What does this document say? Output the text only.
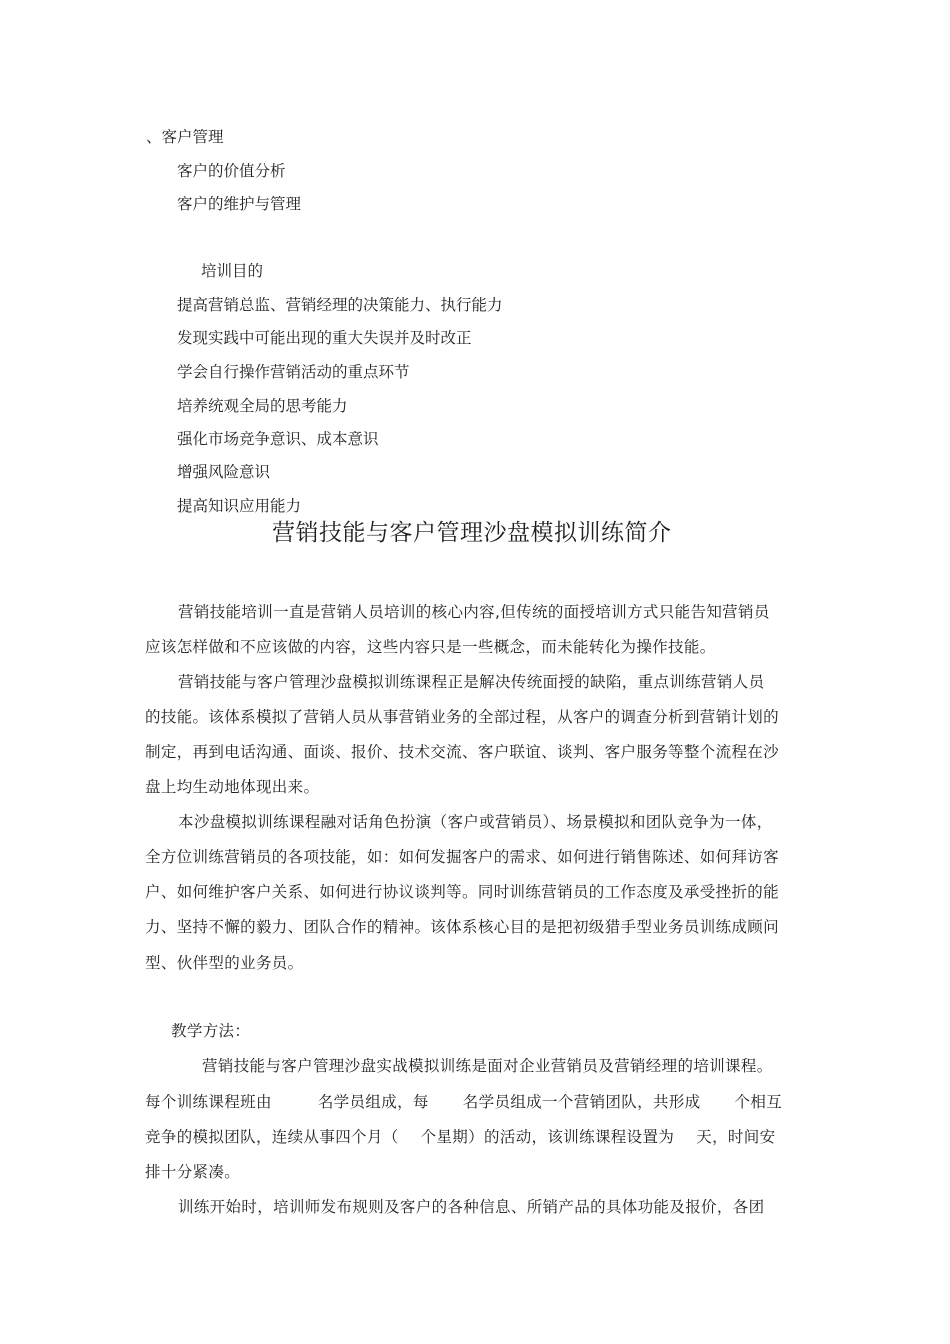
、客户管理
客户的价值分析
客户的维护与管理
培训目的
提高营销总监、营销经理的决策能力、执行能力
发现实践中可能出现的重大失误并及时改正
学会自行操作营销活动的重点环节
培养统观全局的思考能力
强化市场竞争意识、成本意识
增强风险意识
提高知识应用能力
营销技能与客户管理沙盘模拟训练简介
营销技能培训一直是营销人员培训的核心内容,但传统的面授培训方式只能告知营销员
应该怎样做和不应该做的内容，这些内容只是一些概念，而未能转化为操作技能。
营销技能与客户管理沙盘模拟训练课程正是解决传统面授的缺陷，重点训练营销人员
的技能。该体系模拟了营销人员从事营销业务的全部过程，从客户的调查分析到营销计划的
制定，再到电话沟通、面谈、报价、技术交流、客户联谊、谈判、客户服务等整个流程在沙
盘上均生动地体现出来。
本沙盘模拟训练课程融对话角色扮演（客户或营销员）、场景模拟和团队竞争为一体，
全方位训练营销员的各项技能，如：如何发掘客户的需求、如何进行销售陈述、如何拜访客
户、如何维护客户关系、如何进行协议谈判等。同时训练营销员的工作态度及承受挫折的能
力、坚持不懈的毅力、团队合作的精神。该体系核心目的是把初级猎手型业务员训练成顾问
型、伙伴型的业务员。
教学方法：
营销技能与客户管理沙盘实战模拟训练是面对企业营销员及营销经理的培训课程。
每个训练课程班由	名学员组成，每 名学员组成一个营销团队，共形成 个相互
竞争的模拟团队，连续从事四个月（ 个星期）的活动，该训练课程设置为 天，时间安
排十分紧凑。
训练开始时，培训师发布规则及客户的各种信息、所销产品的具体功能及报价，各团
